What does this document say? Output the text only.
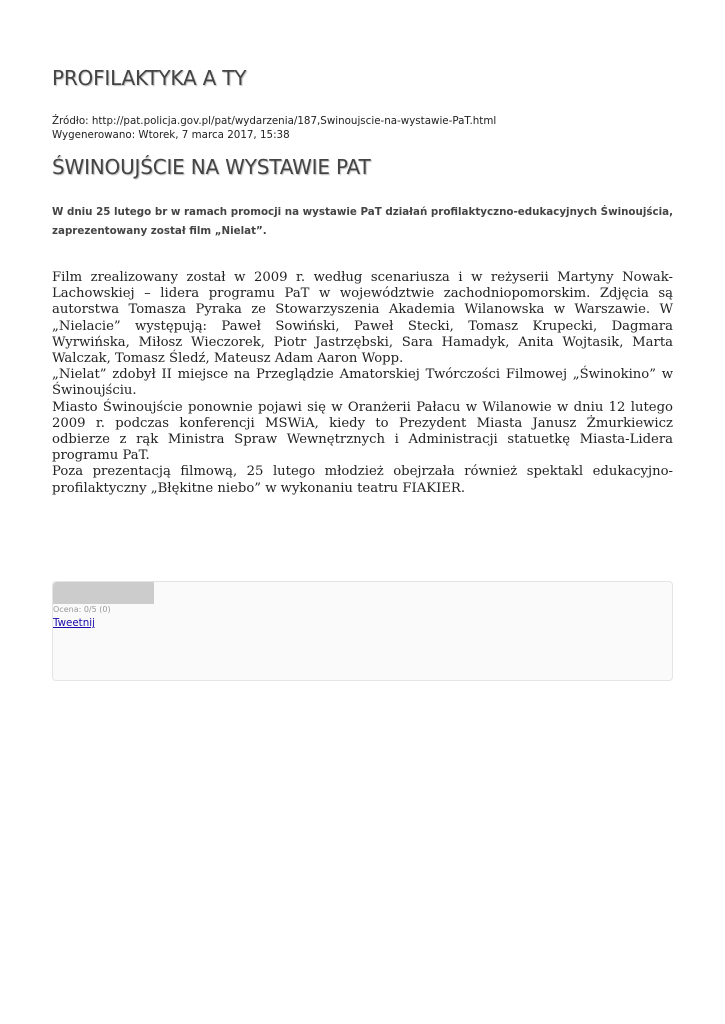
PROFILAKTYKA A TY
Źródło: http://pat.policja.gov.pl/pat/wydarzenia/187,Swinoujscie-na-wystawie-PaT.html
Wygenerowano: Wtorek, 7 marca 2017, 15:38
ŚWINOUJŚCIE NA WYSTAWIE PAT

W dniu 25 lutego br w ramach promocji na wystawie PaT działań profilaktyczno-edukacyjnych Świnoujścia, zaprezentowany został film „Nielat”.

Film zrealizowany został w 2009 r. według scenariusza i w reżyserii Martyny Nowak-Lachowskiej – lidera programu PaT w województwie zachodniopomorskim. Zdjęcia są autorstwa Tomasza Pyraka ze Stowarzyszenia Akademia Wilanowska w Warszawie. W „Nielacie” występują: Paweł Sowiński, Paweł Stecki, Tomasz Krupecki, Dagmara Wyrwińska, Miłosz Wieczorek, Piotr Jastrzębski, Sara Hamadyk, Anita Wojtasik, Marta Walczak, Tomasz Śledź, Mateusz Adam Aaron Wopp.

„Nielat” zdobył II miejsce na Przeglądzie Amatorskiej Twórczości Filmowej „Świnokino” w Świnoujściu.

Miasto Świnoujście ponownie pojawi się w Oranżerii Pałacu w Wilanowie w dniu 12 lutego 2009 r. podczas konferencji MSWiA, kiedy to Prezydent Miasta Janusz Żmurkiewicz odbierze z rąk Ministra Spraw Wewnętrznych i Administracji statuetkę Miasta-Lidera programu PaT.

Poza prezentacją filmową, 25 lutego młodzież obejrzała również spektakl edukacyjno-profilaktyczny „Błękitne niebo” w wykonaniu teatru FIAKIER.

Ocena: 0/5 (0)
Tweetnij
